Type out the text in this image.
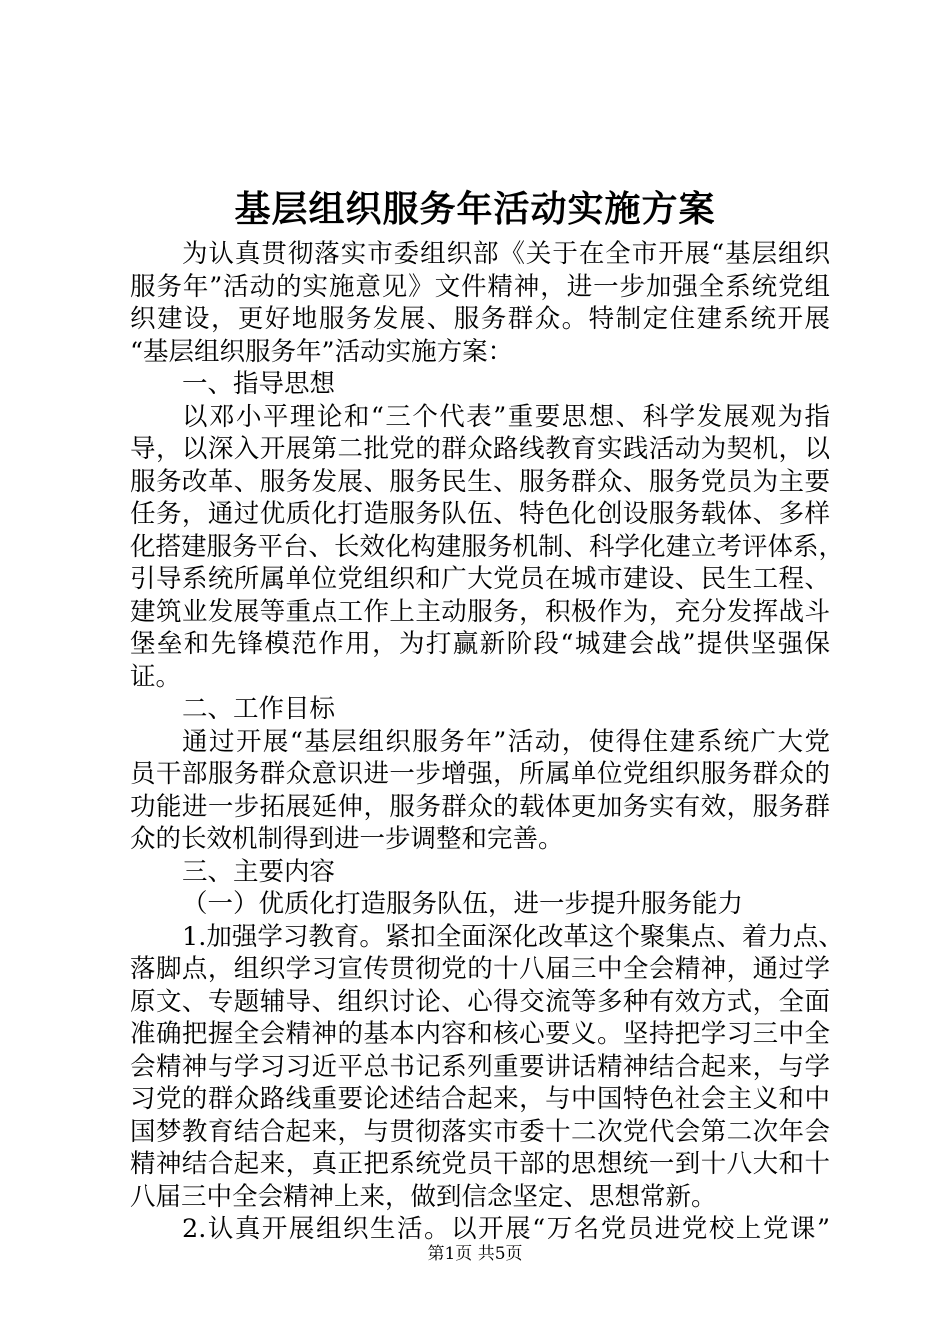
基层组织服务年活动实施方案

为认真贯彻落实市委组织部《关于在全市开展“基层组织
服务年”活动的实施意见》文件精神，进一步加强全系统党组
织建设，更好地服务发展、服务群众。特制定住建系统开展
“基层组织服务年”活动实施方案：

一、指导思想

以邓小平理论和“三个代表”重要思想、科学发展观为指
导，以深入开展第二批党的群众路线教育实践活动为契机，以
服务改革、服务发展、服务民生、服务群众、服务党员为主要
任务，通过优质化打造服务队伍、特色化创设服务载体、多样
化搭建服务平台、长效化构建服务机制、科学化建立考评体系，
引导系统所属单位党组织和广大党员在城市建设、民生工程、
建筑业发展等重点工作上主动服务，积极作为，充分发挥战斗
堡垒和先锋模范作用，为打赢新阶段“城建会战”提供坚强保
证。

二、工作目标

通过开展“基层组织服务年”活动，使得住建系统广大党
员干部服务群众意识进一步增强，所属单位党组织服务群众的
功能进一步拓展延伸，服务群众的载体更加务实有效，服务群
众的长效机制得到进一步调整和完善。

三、主要内容

（一）优质化打造服务队伍，进一步提升服务能力

1.加强学习教育。紧扣全面深化改革这个聚集点、着力点、
落脚点，组织学习宣传贯彻党的十八届三中全会精神，通过学
原文、专题辅导、组织讨论、心得交流等多种有效方式，全面
准确把握全会精神的基本内容和核心要义。坚持把学习三中全
会精神与学习习近平总书记系列重要讲话精神结合起来，与学
习党的群众路线重要论述结合起来，与中国特色社会主义和中
国梦教育结合起来，与贯彻落实市委十二次党代会第二次年会
精神结合起来，真正把系统党员干部的思想统一到十八大和十
八届三中全会精神上来，做到信念坚定、思想常新。

2.认真开展组织生活。以开展“万名党员进党校上党课”

第1页 共5页
